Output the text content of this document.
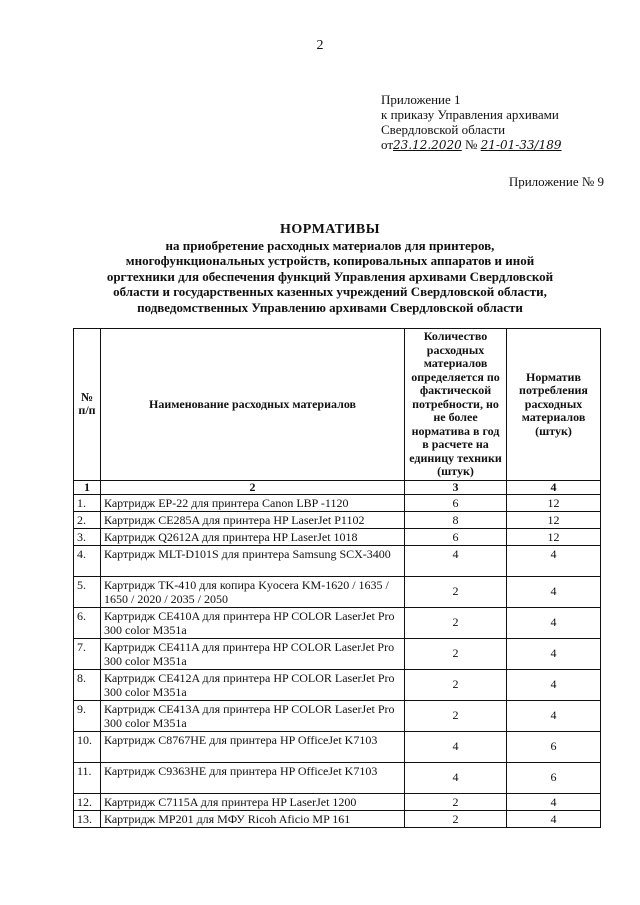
2
Приложение 1
к приказу Управления архивами
Свердловской области
от23.12.2020 № 21-01-33/189
Приложение № 9
НОРМАТИВЫ
на приобретение расходных материалов для принтеров,
многофункциональных устройств, копировальных аппаратов и иной
оргтехники для обеспечения функций Управления архивами Свердловской
области и государственных казенных учреждений Свердловской области,
подведомственных Управлению архивами Свердловской области
№ п/п	Наименование расходных материалов	Количество расходных материалов определяется по фактической потребности, но не более норматива в год в расчете на единицу техники (штук)	Норматив потребления расходных материалов (штук)
1	2	3	4
1.	Картридж EP-22 для принтера Canon LBP -1120	6	12
2.	Картридж CE285A для принтера HP LaserJet P1102	8	12
3.	Картридж Q2612A для принтера HP LaserJet 1018	6	12
4.	Картридж MLT-D101S для принтера Samsung SCX-3400	4	4
5.	Картридж TK-410 для копира Kyocera KM-1620 / 1635 / 1650 / 2020 / 2035 / 2050	2	4
6.	Картридж CE410A для принтера HP COLOR LaserJet Pro 300 color M351a	2	4
7.	Картридж CE411A для принтера HP COLOR LaserJet Pro 300 color M351a	2	4
8.	Картридж CE412A для принтера HP COLOR LaserJet Pro 300 color M351a	2	4
9.	Картридж CE413A для принтера HP COLOR LaserJet Pro 300 color M351a	2	4
10.	Картридж C8767HE для принтера HP OfficeJet K7103	4	6
11.	Картридж C9363HE для принтера HP OfficeJet K7103	4	6
12.	Картридж C7115A для принтера HP LaserJet 1200	2	4
13.	Картридж MP201 для МФУ Ricoh Aficio MP 161	2	4
